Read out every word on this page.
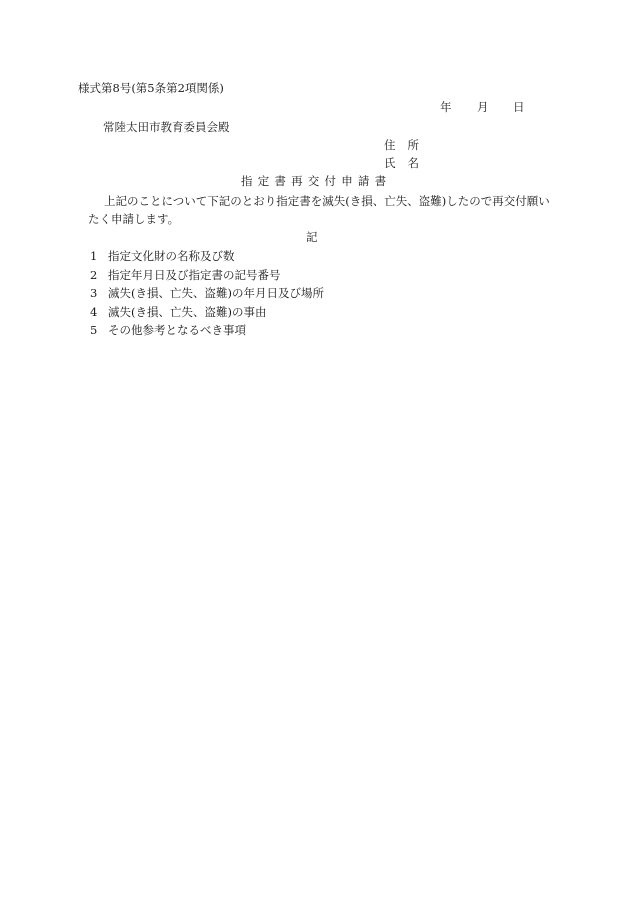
様式第8号(第5条第2項関係)
年 月 日
常陸太田市教育委員会殿
住所
氏名
指定書再交付申請書
上記のことについて下記のとおり指定書を滅失(き損、亡失、盗難)したので再交付願いたく申請します。
記
1 指定文化財の名称及び数
2 指定年月日及び指定書の記号番号
3 滅失(き損、亡失、盗難)の年月日及び場所
4 滅失(き損、亡失、盗難)の事由
5 その他参考となるべき事項
